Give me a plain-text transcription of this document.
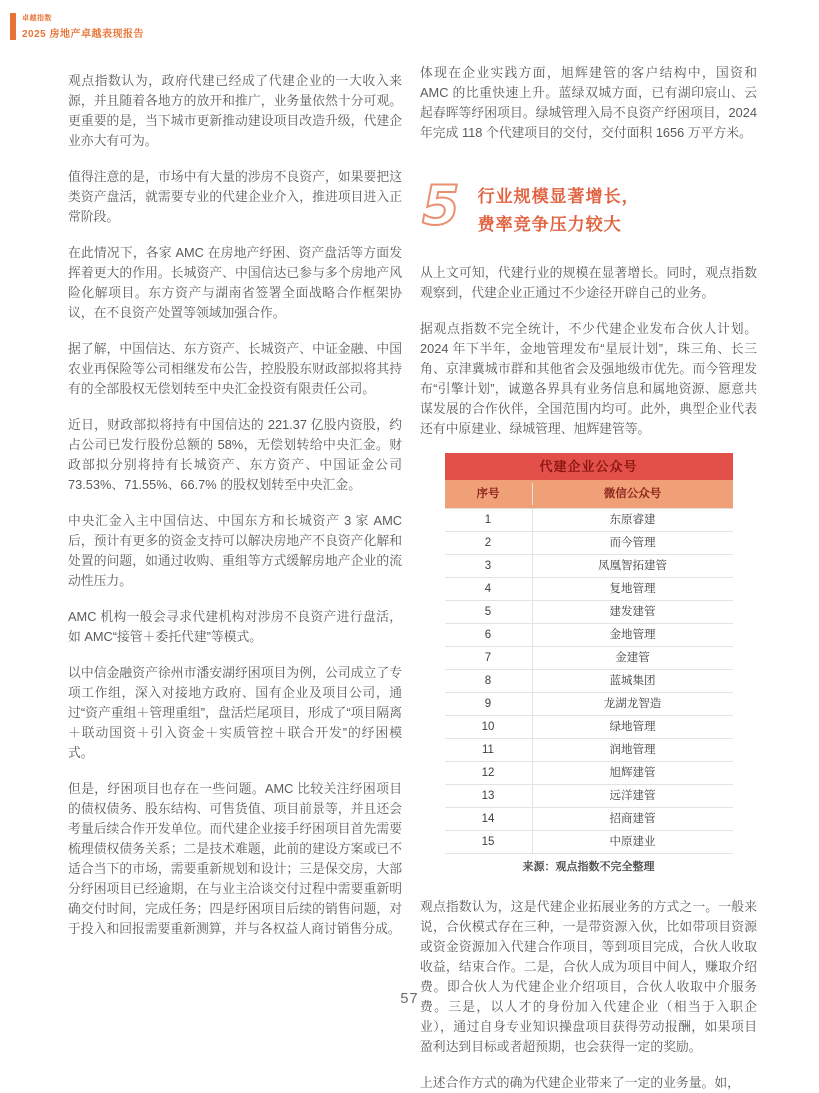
卓越指数
2025 房地产卓越表现报告

观点指数认为，政府代建已经成了代建企业的一大收入来源，并且随着各地方的放开和推广，业务量依然十分可观。更重要的是，当下城市更新推动建设项目改造升级，代建企业亦大有可为。

值得注意的是，市场中有大量的涉房不良资产，如果要把这类资产盘活，就需要专业的代建企业介入，推进项目进入正常阶段。

在此情况下，各家 AMC 在房地产纾困、资产盘活等方面发挥着更大的作用。长城资产、中国信达已参与多个房地产风险化解项目。东方资产与湖南省签署全面战略合作框架协议，在不良资产处置等领域加强合作。

据了解，中国信达、东方资产、长城资产、中证金融、中国农业再保险等公司相继发布公告，控股股东财政部拟将其持有的全部股权无偿划转至中央汇金投资有限责任公司。

近日，财政部拟将持有中国信达的 221.37 亿股内资股，约占公司已发行股份总额的 58%，无偿划转给中央汇金。财政部拟分别将持有长城资产、东方资产、中国证金公司 73.53%、71.55%、66.7% 的股权划转至中央汇金。

中央汇金入主中国信达、中国东方和长城资产 3 家 AMC 后，预计有更多的资金支持可以解决房地产不良资产化解和处置的问题，如通过收购、重组等方式缓解房地产企业的流动性压力。

AMC 机构一般会寻求代建机构对涉房不良资产进行盘活，如 AMC“接管＋委托代建”等模式。

以中信金融资产徐州市潘安湖纾困项目为例，公司成立了专项工作组，深入对接地方政府、国有企业及项目公司，通过“资产重组＋管理重组”，盘活烂尾项目，形成了“项目隔离＋联动国资＋引入资金＋实质管控＋联合开发”的纾困模式。

但是，纾困项目也存在一些问题。AMC 比较关注纾困项目的债权债务、股东结构、可售货值、项目前景等，并且还会考量后续合作开发单位。而代建企业接手纾困项目首先需要梳理债权债务关系；二是技术难题，此前的建设方案或已不适合当下的市场，需要重新规划和设计；三是保交房，大部分纾困项目已经逾期，在与业主洽谈交付过程中需要重新明确交付时间，完成任务；四是纾困项目后续的销售问题，对于投入和回报需要重新测算，并与各权益人商讨销售分成。

体现在企业实践方面，旭辉建管的客户结构中，国资和 AMC 的比重快速上升。蓝绿双城方面，已有湖印宸山、云起春晖等纾困项目。绿城管理入局不良资产纾困项目，2024 年完成 118 个代建项目的交付，交付面积 1656 万平方米。

5 行业规模显著增长，
费率竞争压力较大

从上文可知，代建行业的规模在显著增长。同时，观点指数观察到，代建企业正通过不少途径开辟自己的业务。

据观点指数不完全统计，不少代建企业发布合伙人计划。2024 年下半年，金地管理发布“星辰计划”，珠三角、长三角、京津冀城市群和其他省会及强地级市优先。而今管理发布“引擎计划”，诚邀各界具有业务信息和属地资源、愿意共谋发展的合作伙伴，全国范围内均可。此外，典型企业代表还有中原建业、绿城管理、旭辉建管等。

代建企业公众号
序号	微信公众号
1	东原睿建
2	而今管理
3	凤凰智拓建管
4	复地管理
5	建发建管
6	金地管理
7	金建管
8	蓝城集团
9	龙湖龙智造
10	绿地管理
11	润地管理
12	旭辉建管
13	远洋建管
14	招商建管
15	中原建业
来源：观点指数不完全整理

观点指数认为，这是代建企业拓展业务的方式之一。一般来说，合伙模式存在三种，一是带资源入伙，比如带项目资源或资金资源加入代建合作项目，等到项目完成，合伙人收取收益，结束合作。二是，合伙人成为项目中间人，赚取介绍费。即合伙人为代建企业介绍项目，合伙人收取中介服务费。三是，以人才的身份加入代建企业（相当于入职企业），通过自身专业知识操盘项目获得劳动报酬，如果项目盈利达到目标或者超预期，也会获得一定的奖励。

上述合作方式的确为代建企业带来了一定的业务量。如，

57
